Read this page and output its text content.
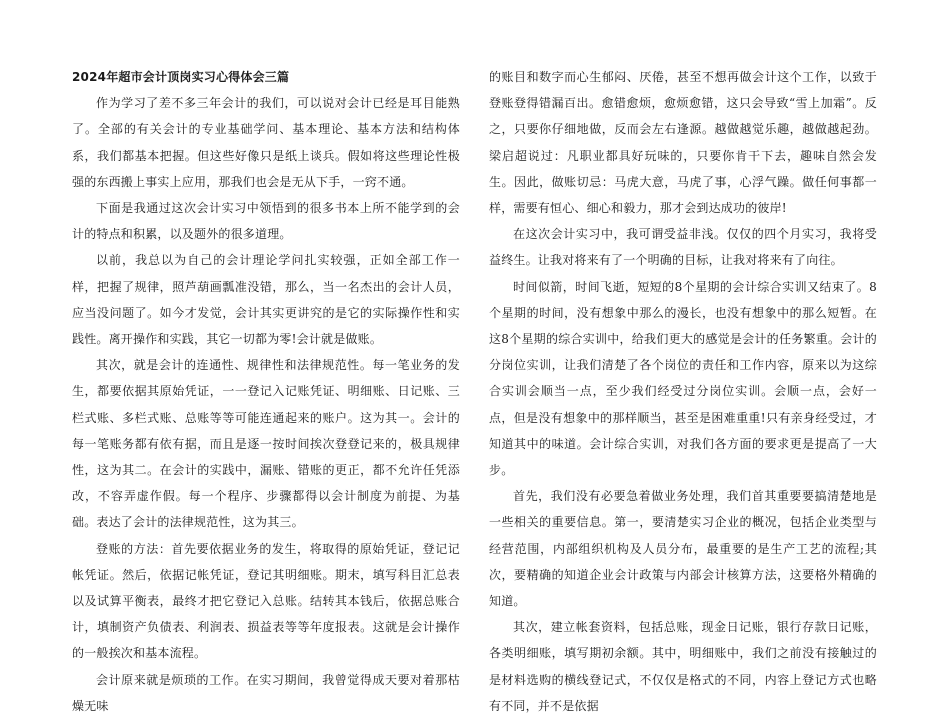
2024年超市会计顶岗实习心得体会三篇

作为学习了差不多三年会计的我们，可以说对会计已经是耳目能熟了。全部的有关会计的专业基础学问、基本理论、基本方法和结构体系，我们都基本把握。但这些好像只是纸上谈兵。假如将这些理论性极强的东西搬上事实上应用，那我们也会是无从下手，一窍不通。

下面是我通过这次会计实习中领悟到的很多书本上所不能学到的会计的特点和积累，以及题外的很多道理。

以前，我总以为自己的会计理论学问扎实较强，正如全部工作一样，把握了规律，照芦葫画瓢准没错，那么，当一名杰出的会计人员，应当没问题了。如今才发觉，会计其实更讲究的是它的实际操作性和实践性。离开操作和实践，其它一切都为零!会计就是做账。

其次，就是会计的连通性、规律性和法律规范性。每一笔业务的发生，都要依据其原始凭证，一一登记入记账凭证、明细账、日记账、三栏式账、多栏式账、总账等等可能连通起来的账户。这为其一。会计的每一笔账务都有依有据，而且是逐一按时间挨次登登记来的，极具规律性，这为其二。在会计的实践中，漏账、错账的更正，都不允许任凭添改，不容弄虚作假。每一个程序、步骤都得以会计制度为前提、为基础。表达了会计的法律规范性，这为其三。

登账的方法：首先要依据业务的发生，将取得的原始凭证，登记记帐凭证。然后，依据记帐凭证，登记其明细账。期末，填写科目汇总表以及试算平衡表，最终才把它登记入总账。结转其本钱后，依据总账合计，填制资产负债表、利润表、损益表等等年度报表。这就是会计操作的一般挨次和基本流程。

会计原来就是烦琐的工作。在实习期间，我曾觉得成天要对着那枯燥无味

的账目和数字而心生郁闷、厌倦，甚至不想再做会计这个工作，以致于登账登得错漏百出。愈错愈烦，愈烦愈错，这只会导致“雪上加霜”。反之，只要你仔细地做，反而会左右逢源。越做越觉乐趣，越做越起劲。梁启超说过：凡职业都具好玩味的，只要你肯干下去，趣味自然会发生。因此，做账切忌：马虎大意，马虎了事，心浮气躁。做任何事都一样，需要有恒心、细心和毅力，那才会到达成功的彼岸!

在这次会计实习中，我可谓受益非浅。仅仅的四个月实习，我将受益终生。让我对将来有了一个明确的目标，让我对将来有了向往。

时间似箭，时间飞逝，短短的8个星期的会计综合实训又结束了。8个星期的时间，没有想象中那么的漫长，也没有想象中的那么短暂。在这8个星期的综合实训中，给我们更大的感觉是会计的任务繁重。会计的分岗位实训，让我们清楚了各个岗位的责任和工作内容，原来以为这综合实训会顺当一点，至少我们经受过分岗位实训。会顺一点，会好一点，但是没有想象中的那样顺当，甚至是困难重重!只有亲身经受过，才知道其中的味道。会计综合实训，对我们各方面的要求更是提高了一大步。

首先，我们没有必要急着做业务处理，我们首其重要要搞清楚地是一些相关的重要信息。第一，要清楚实习企业的概况，包括企业类型与经营范围，内部组织机构及人员分布，最重要的是生产工艺的流程;其次，要精确的知道企业会计政策与内部会计核算方法，这要格外精确的知道。

其次，建立帐套资料，包括总账，现金日记账，银行存款日记账，各类明细账，填写期初余额。其中，明细账中，我们之前没有接触过的是材料选购的横线登记式，不仅仅是格式的不同，内容上登记方式也略有不同，并不是依据
